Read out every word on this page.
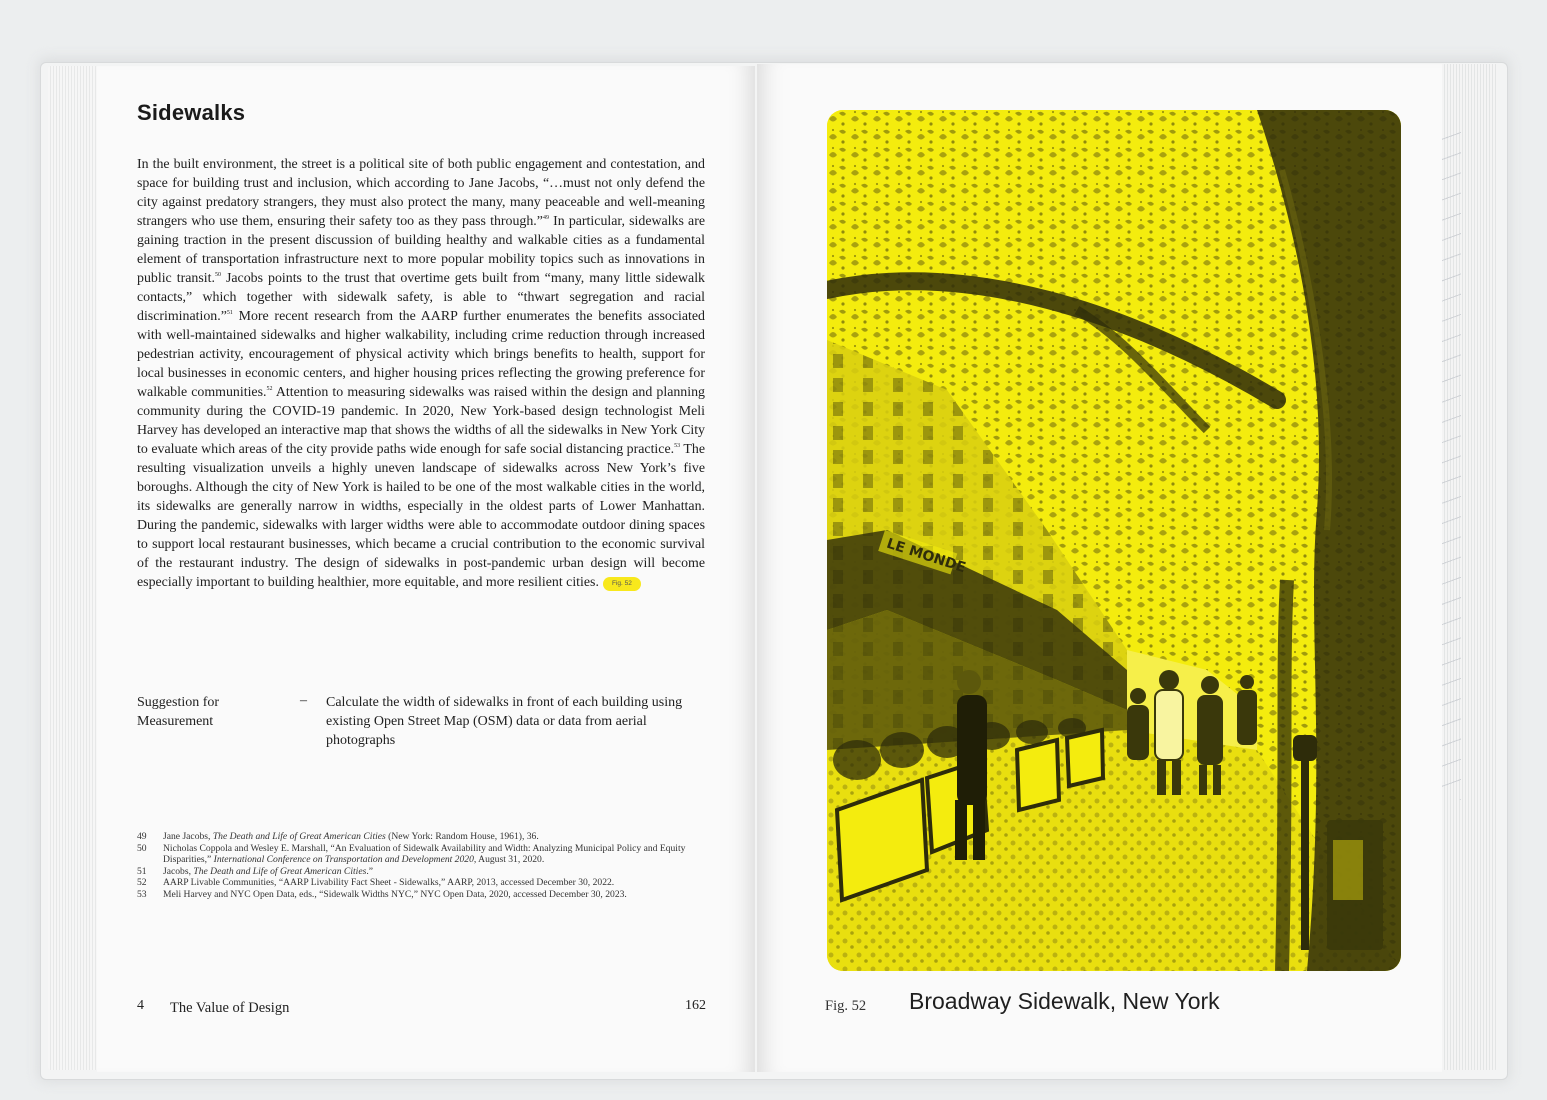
Sidewalks

In the built environment, the street is a political site of both public engagement and contestation, and space for building trust and inclusion, which according to Jane Jacobs, “…must not only defend the city against predatory strangers, they must also protect the many, many peaceable and well-meaning strangers who use them, ensuring their safety too as they pass through.”$^{49}$ In particular, sidewalks are gaining traction in the present discussion of building healthy and walkable cities as a fundamental element of transportation infrastructure next to more popular mobility topics such as innovations in public transit.$^{50}$ Jacobs points to the trust that overtime gets built from “many, many little sidewalk contacts,” which together with sidewalk safety, is able to “thwart segregation and racial discrimination.”$^{51}$ More recent research from the AARP further enumerates the benefits associated with well-maintained sidewalks and higher walkability, including crime reduction through increased pedestrian activity, encouragement of physical activity which brings benefits to health, support for local businesses in economic centers, and higher housing prices reflecting the growing preference for walkable communities.$^{52}$ Attention to measuring sidewalks was raised within the design and planning community during the COVID-19 pandemic. In 2020, New York-based design technologist Meli Harvey has developed an interactive map that shows the widths of all the sidewalks in New York City to evaluate which areas of the city provide paths wide enough for safe social distancing practice.$^{53}$ The resulting visualization unveils a highly uneven landscape of sidewalks across New York’s five boroughs. Although the city of New York is hailed to be one of the most walkable cities in the world, its sidewalks are generally narrow in widths, especially in the oldest parts of Lower Manhattan. During the pandemic, sidewalks with larger widths were able to accommodate outdoor dining spaces to support local restaurant businesses, which became a crucial contribution to the economic survival of the restaurant industry. The design of sidewalks in post-pandemic urban design will become especially important to building healthier, more equitable, and more resilient cities. Fig. 52

Suggestion for
Measurement
– Calculate the width of sidewalks in front of each building using existing Open Street Map (OSM) data or data from aerial photographs
49 Jane Jacobs, The Death and Life of Great American Cities (New York: Random House, 1961), 36.
50 Nicholas Coppola and Wesley E. Marshall, “An Evaluation of Sidewalk Availability and Width: Analyzing Municipal Policy and Equity Disparities,” International Conference on Transportation and Development 2020, August 31, 2020.
51 Jacobs, The Death and Life of Great American Cities.”
52 AARP Livable Communities, “AARP Livability Fact Sheet - Sidewalks,” AARP, 2013, accessed December 30, 2022.
53 Meli Harvey and NYC Open Data, eds., “Sidewalk Widths NYC,” NYC Open Data, 2020, accessed December 30, 2023.
4 The Value of Design	162
LE MONDE
Fig. 52 Broadway Sidewalk, New York
